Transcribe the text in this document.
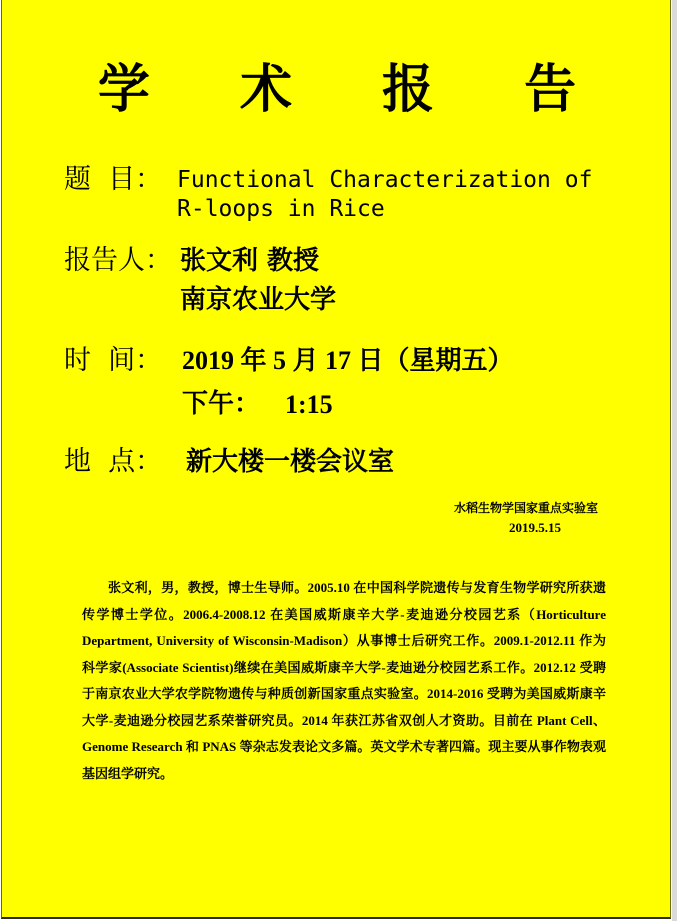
学 术 报 告
题  目： Functional Characterization of
R-loops in Rice
报告人： 张文利 教授
南京农业大学
时  间： 2019 年 5 月 17 日（星期五）
下午： 1:15
地  点： 新大楼一楼会议室
水稻生物学国家重点实验室
2019.5.15
张文利，男，教授，博士生导师。2005.10 在中国科学院遗传与发育生物学研究所获遗传学博士学位。2006.4-2008.12 在美国威斯康辛大学-麦迪逊分校园艺系（Horticulture Department, University of Wisconsin-Madison）从事博士后研究工作。2009.1-2012.11 作为科学家(Associate Scientist)继续在美国威斯康辛大学-麦迪逊分校园艺系工作。2012.12 受聘于南京农业大学农学院物遗传与种质创新国家重点实验室。2014-2016 受聘为美国威斯康辛大学-麦迪逊分校园艺系荣誉研究员。2014 年获江苏省双创人才资助。目前在 Plant Cell、Genome Research 和 PNAS 等杂志发表论文多篇。英文学术专著四篇。现主要从事作物表观基因组学研究。
